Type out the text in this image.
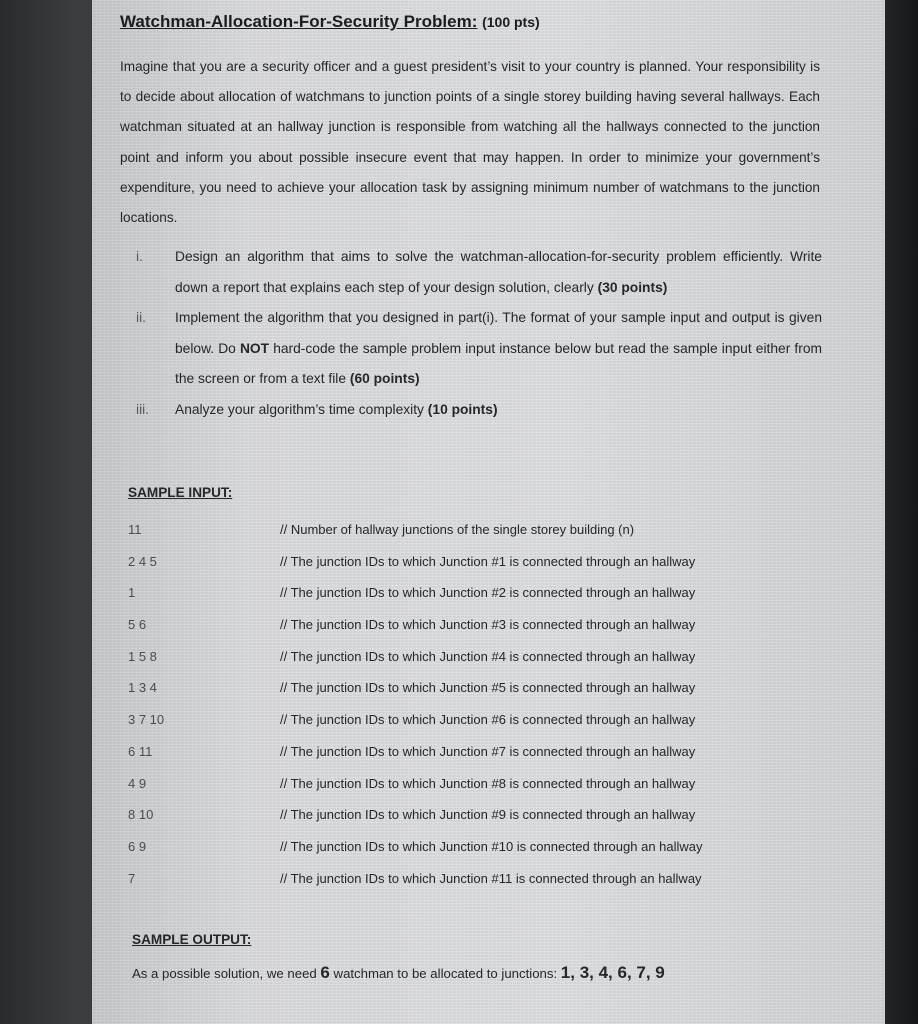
Watchman-Allocation-For-Security Problem: (100 pts)

Imagine that you are a security officer and a guest president’s visit to your country is planned. Your responsibility is to decide about allocation of watchmans to junction points of a single storey building having several hallways. Each watchman situated at an hallway junction is responsible from watching all the hallways connected to the junction point and inform you about possible insecure event that may happen. In order to minimize your government’s expenditure, you need to achieve your allocation task by assigning minimum number of watchmans to the junction locations.

i.	Design an algorithm that aims to solve the watchman-allocation-for-security problem efficiently. Write down a report that explains each step of your design solution, clearly (30 points)
ii.	Implement the algorithm that you designed in part(i). The format of your sample input and output is given below. Do NOT hard-code the sample problem input instance below but read the sample input either from the screen or from a text file (60 points)
iii.	Analyze your algorithm’s time complexity (10 points)
SAMPLE INPUT:
11	// Number of hallway junctions of the single storey building (n)
2 4 5	// The junction IDs to which Junction #1 is connected through an hallway
1	// The junction IDs to which Junction #2 is connected through an hallway
5 6	// The junction IDs to which Junction #3 is connected through an hallway
1 5 8	// The junction IDs to which Junction #4 is connected through an hallway
1 3 4	// The junction IDs to which Junction #5 is connected through an hallway
3 7 10	// The junction IDs to which Junction #6 is connected through an hallway
6 11	// The junction IDs to which Junction #7 is connected through an hallway
4 9	// The junction IDs to which Junction #8 is connected through an hallway
8 10	// The junction IDs to which Junction #9 is connected through an hallway
6 9	// The junction IDs to which Junction #10 is connected through an hallway
7	// The junction IDs to which Junction #11 is connected through an hallway
SAMPLE OUTPUT:
As a possible solution, we need 6 watchman to be allocated to junctions: 1, 3, 4, 6, 7, 9
